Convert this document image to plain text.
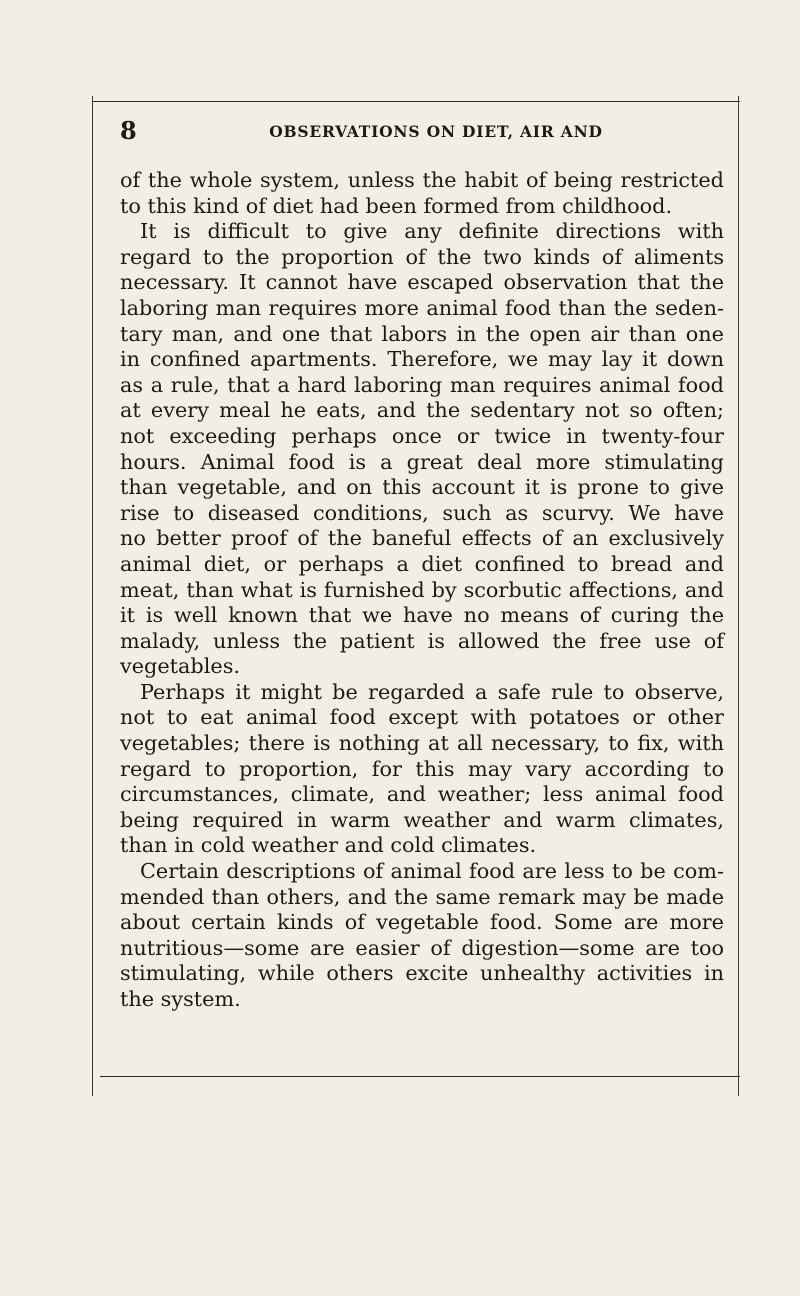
8	OBSERVATIONS ON DIET, AIR AND
of the whole system, unless the habit of being restricted
to this kind of diet had been formed from childhood.
It is difficult to give any definite directions with
regard to the proportion of the two kinds of aliments
necessary. It cannot have escaped observation that the
laboring man requires more animal food than the seden-
tary man, and one that labors in the open air than one
in confined apartments. Therefore, we may lay it down
as a rule, that a hard laboring man requires animal food
at every meal he eats, and the sedentary not so often;
not exceeding perhaps once or twice in twenty-four
hours. Animal food is a great deal more stimulating
than vegetable, and on this account it is prone to give
rise to diseased conditions, such as scurvy. We have
no better proof of the baneful effects of an exclusively
animal diet, or perhaps a diet confined to bread and
meat, than what is furnished by scorbutic affections, and
it is well known that we have no means of curing the
malady, unless the patient is allowed the free use of
vegetables.
Perhaps it might be regarded a safe rule to observe,
not to eat animal food except with potatoes or other
vegetables; there is nothing at all necessary, to fix, with
regard to proportion, for this may vary according to
circumstances, climate, and weather; less animal food
being required in warm weather and warm climates,
than in cold weather and cold climates.
Certain descriptions of animal food are less to be com-
mended than others, and the same remark may be made
about certain kinds of vegetable food. Some are more
nutritious—some are easier of digestion—some are too
stimulating, while others excite unhealthy activities in
the system.
